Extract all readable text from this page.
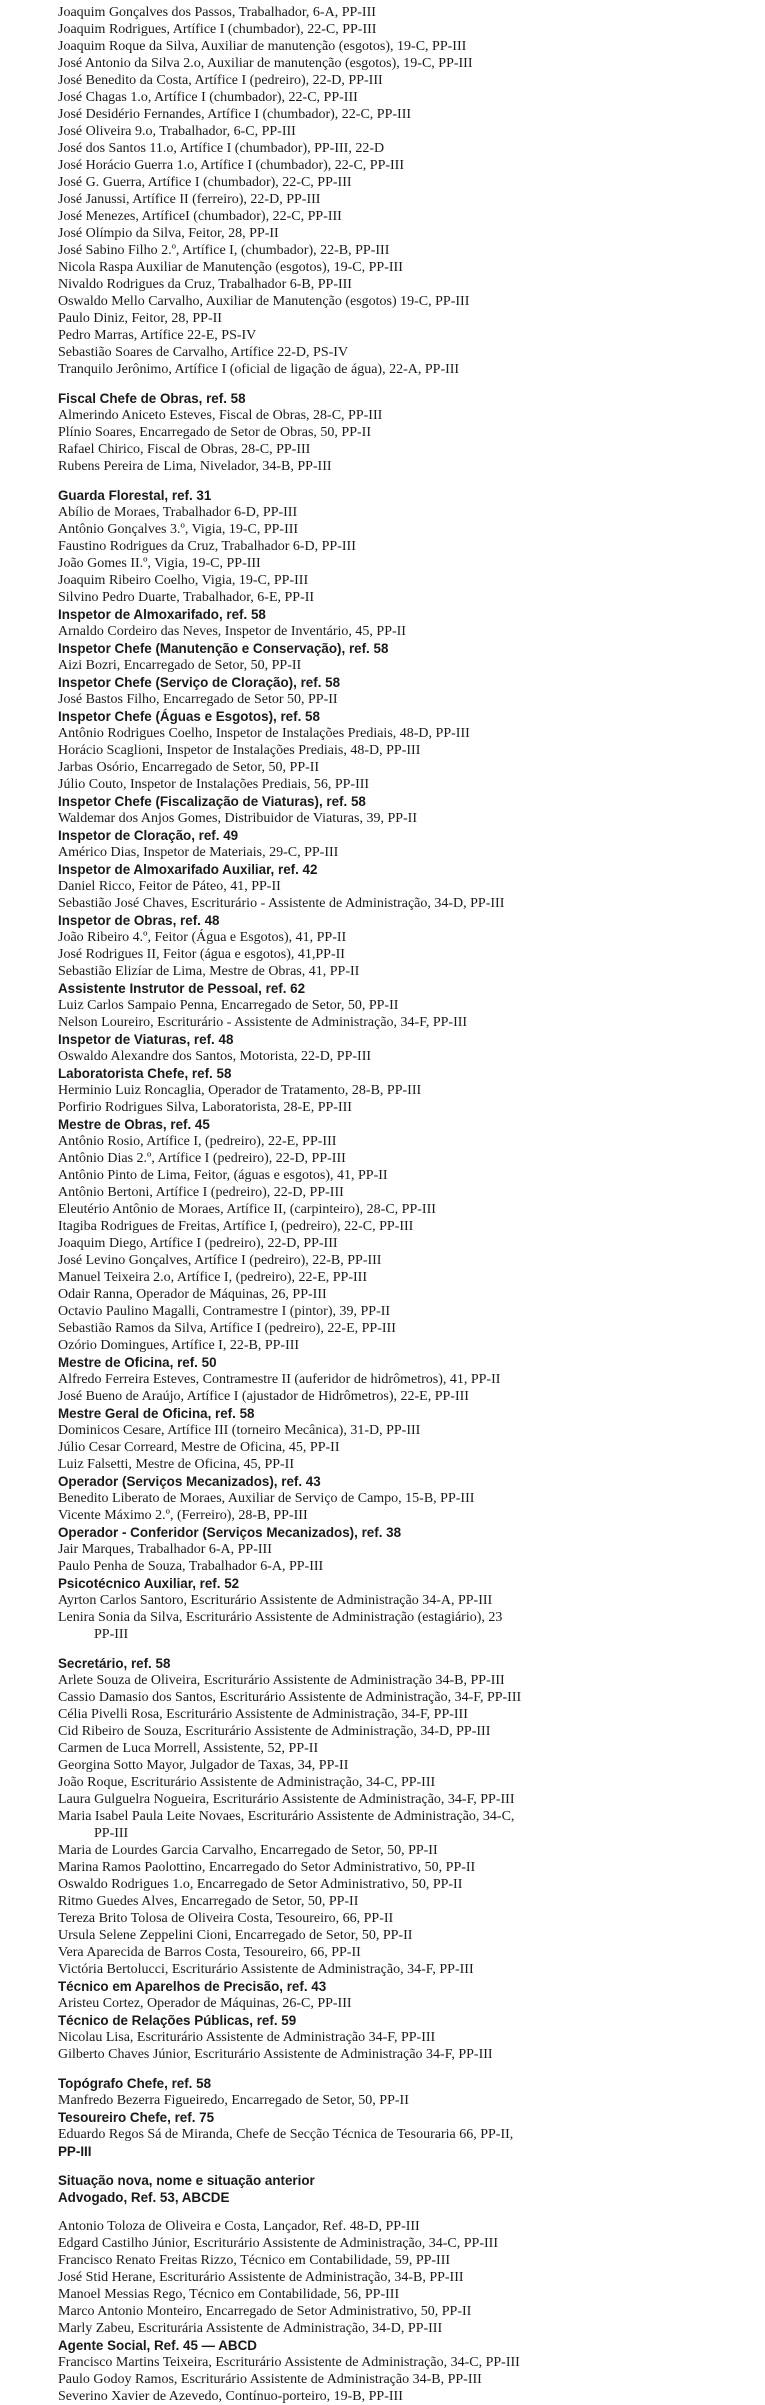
Joaquim Gonçalves dos Passos, Trabalhador, 6-A, PP-III
Joaquim Rodrigues, Artífice I (chumbador), 22-C, PP-III
Joaquim Roque da Silva, Auxiliar de manutenção (esgotos), 19-C, PP-III
José Antonio da Silva 2.o, Auxiliar de manutenção (esgotos), 19-C, PP-III
José Benedito da Costa, Artífice I (pedreiro), 22-D, PP-III
José Chagas 1.o, Artífice I (chumbador), 22-C, PP-III
José Desidério Fernandes, Artífice I (chumbador), 22-C, PP-III
José Oliveira 9.o, Trabalhador, 6-C, PP-III
José dos Santos 11.o, Artífice I (chumbador), PP-III, 22-D
José Horácio Guerra 1.o, Artífice I (chumbador), 22-C, PP-III
José G. Guerra, Artífice I (chumbador), 22-C, PP-III
José Janussi, Artífice II (ferreiro), 22-D, PP-III
José Menezes, ArtíficeI (chumbador), 22-C, PP-III
José Olímpio da Silva, Feitor, 28, PP-II
José Sabino Filho 2.º, Artífice I, (chumbador), 22-B, PP-III
Nicola Raspa Auxiliar de Manutenção (esgotos), 19-C, PP-III
Nivaldo Rodrigues da Cruz, Trabalhador 6-B, PP-III
Oswaldo Mello Carvalho, Auxiliar de Manutenção (esgotos) 19-C, PP-III
Paulo Diniz, Feitor, 28, PP-II
Pedro Marras, Artífice 22-E, PS-IV
Sebastião Soares de Carvalho, Artífice 22-D, PS-IV
Tranquilo Jerônimo, Artífice I (oficial de ligação de água), 22-A, PP-III
Fiscal Chefe de Obras, ref. 58
Almerindo Aniceto Esteves, Fiscal de Obras, 28-C, PP-III
Plínio Soares, Encarregado de Setor de Obras, 50, PP-II
Rafael Chirico, Fiscal de Obras, 28-C, PP-III
Rubens Pereira de Lima, Nivelador, 34-B, PP-III
Guarda Florestal, ref. 31
Abílio de Moraes, Trabalhador 6-D, PP-III
Antônio Gonçalves 3.º, Vigia, 19-C, PP-III
Faustino Rodrigues da Cruz, Trabalhador 6-D, PP-III
João Gomes II.º, Vigia, 19-C, PP-III
Joaquim Ribeiro Coelho, Vigia, 19-C, PP-III
Silvino Pedro Duarte, Trabalhador, 6-E, PP-II
Inspetor de Almoxarifado, ref. 58
Arnaldo Cordeiro das Neves, Inspetor de Inventário, 45, PP-II
Inspetor Chefe (Manutenção e Conservação), ref. 58
Aizi Bozri, Encarregado de Setor, 50, PP-II
Inspetor Chefe (Serviço de Cloração), ref. 58
José Bastos Filho, Encarregado de Setor 50, PP-II
Inspetor Chefe (Águas e Esgotos), ref. 58
Antônio Rodrigues Coelho, Inspetor de Instalações Prediais, 48-D, PP-III
Horácio Scaglioni, Inspetor de Instalações Prediais, 48-D, PP-III
Jarbas Osório, Encarregado de Setor, 50, PP-II
Júlio Couto, Inspetor de Instalações Prediais, 56, PP-III
Inspetor Chefe (Fiscalização de Viaturas), ref. 58
Waldemar dos Anjos Gomes, Distribuidor de Viaturas, 39, PP-II
Inspetor de Cloração, ref. 49
Américo Dias, Inspetor de Materiais, 29-C, PP-III
Inspetor de Almoxarifado Auxiliar, ref. 42
Daniel Ricco, Feitor de Páteo, 41, PP-II
Sebastião José Chaves, Escriturário - Assistente de Administração, 34-D, PP-III
Inspetor de Obras, ref. 48
João Ribeiro 4.º, Feitor (Água e Esgotos), 41, PP-II
José Rodrigues II, Feitor (água e esgotos), 41,PP-II
Sebastião Elizíar de Lima, Mestre de Obras, 41, PP-II
Assistente Instrutor de Pessoal, ref. 62
Luiz Carlos Sampaio Penna, Encarregado de Setor, 50, PP-II
Nelson Loureiro, Escriturário - Assistente de Administração, 34-F, PP-III
Inspetor de Viaturas, ref. 48
Oswaldo Alexandre dos Santos, Motorista, 22-D, PP-III
Laboratorista Chefe, ref. 58
Herminio Luiz Roncaglia, Operador de Tratamento, 28-B, PP-III
Porfirio Rodrigues Silva, Laboratorista, 28-E, PP-III
Mestre de Obras, ref. 45
Antônio Rosio, Artífice I, (pedreiro), 22-E, PP-III
Antônio Dias 2.º, Artífice I (pedreiro), 22-D, PP-III
Antônio Pinto de Lima, Feitor, (águas e esgotos), 41, PP-II
Antônio Bertoni, Artífice I (pedreiro), 22-D, PP-III
Eleutério Antônio de Moraes, Artífice II, (carpinteiro), 28-C, PP-III
Itagiba Rodrigues de Freitas, Artífice I, (pedreiro), 22-C, PP-III
Joaquim Diego, Artífice I (pedreiro), 22-D, PP-III
José Levino Gonçalves, Artífice I (pedreiro), 22-B, PP-III
Manuel Teixeira 2.o, Artífice I, (pedreiro), 22-E, PP-III
Odair Ranna, Operador de Máquinas, 26, PP-III
Octavio Paulino Magalli, Contramestre I (pintor), 39, PP-II
Sebastião Ramos da Silva, Artífice I (pedreiro), 22-E, PP-III
Ozório Domingues, Artífice I, 22-B, PP-III
Mestre de Oficina, ref. 50
Alfredo Ferreira Esteves, Contramestre II (auferidor de hidrômetros), 41, PP-II
José Bueno de Araújo, Artífice I (ajustador de Hidrômetros), 22-E, PP-III
Mestre Geral de Oficina, ref. 58
Dominicos Cesare, Artífice III (torneiro Mecânica), 31-D, PP-III
Júlio Cesar Correard, Mestre de Oficina, 45, PP-II
Luiz Falsetti, Mestre de Oficina, 45, PP-II
Operador (Serviços Mecanizados), ref. 43
Benedito Liberato de Moraes, Auxiliar de Serviço de Campo, 15-B, PP-III
Vicente Máximo 2.º, (Ferreiro), 28-B, PP-III
Operador - Conferidor (Serviços Mecanizados), ref. 38
Jair Marques, Trabalhador 6-A, PP-III
Paulo Penha de Souza, Trabalhador 6-A, PP-III
Psicotécnico Auxiliar, ref. 52
Ayrton Carlos Santoro, Escriturário Assistente de Administração 34-A, PP-III
Lenira Sonia da Silva, Escriturário Assistente de Administração (estagiário), 23
PP-III
Secretário, ref. 58
Arlete Souza de Oliveira, Escriturário Assistente de Administração 34-B, PP-III
Cassio Damasio dos Santos, Escriturário Assistente de Administração, 34-F, PP-III
Célia Pivelli Rosa, Escriturário Assistente de Administração, 34-F, PP-III
Cid Ribeiro de Souza, Escriturário Assistente de Administração, 34-D, PP-III
Carmen de Luca Morrell, Assistente, 52, PP-II
Georgina Sotto Mayor, Julgador de Taxas, 34, PP-II
João Roque, Escriturário Assistente de Administração, 34-C, PP-III
Laura Gulguelra Nogueira, Escriturário Assistente de Administração, 34-F, PP-III
Maria Isabel Paula Leite Novaes, Escriturário Assistente de Administração, 34-C,
PP-III
Maria de Lourdes Garcia Carvalho, Encarregado de Setor, 50, PP-II
Marina Ramos Paolottino, Encarregado do Setor Administrativo, 50, PP-II
Oswaldo Rodrigues 1.o, Encarregado de Setor Administrativo, 50, PP-II
Ritmo Guedes Alves, Encarregado de Setor, 50, PP-II
Tereza Brito Tolosa de Oliveira Costa, Tesoureiro, 66, PP-II
Ursula Selene Zeppelini Cioni, Encarregado de Setor, 50, PP-II
Vera Aparecida de Barros Costa, Tesoureiro, 66, PP-II
Victória Bertolucci, Escriturário Assistente de Administração, 34-F, PP-III
Técnico em Aparelhos de Precisão, ref. 43
Aristeu Cortez, Operador de Máquinas, 26-C, PP-III
Técnico de Relações Públicas, ref. 59
Nicolau Lisa, Escriturário Assistente de Administração 34-F, PP-III
Gilberto Chaves Júnior, Escriturário Assistente de Administração 34-F, PP-III
Topógrafo Chefe, ref. 58
Manfredo Bezerra Figueiredo, Encarregado de Setor, 50, PP-II
Tesoureiro Chefe, ref. 75
Eduardo Regos Sá de Miranda, Chefe de Secção Técnica de Tesouraria 66, PP-II,
PP-III
Situação nova, nome e situação anterior
Advogado, Ref. 53, ABCDE
Antonio Toloza de Oliveira e Costa, Lançador, Ref. 48-D, PP-III
Edgard Castilho Júnior, Escriturário Assistente de Administração, 34-C, PP-III
Francisco Renato Freitas Rizzo, Técnico em Contabilidade, 59, PP-III
José Stid Herane, Escriturário Assistente de Administração, 34-B, PP-III
Manoel Messias Rego, Técnico em Contabilidade, 56, PP-III
Marco Antonio Monteiro, Encarregado de Setor Administrativo, 50, PP-II
Marly Zabeu, Escriturária Assistente de Administração, 34-D, PP-III
Agente Social, Ref. 45 — ABCD
Francisco Martins Teixeira, Escriturário Assistente de Administração, 34-C, PP-III
Paulo Godoy Ramos, Escriturário Assistente de Administração 34-B, PP-III
Severino Xavier de Azevedo, Contínuo-porteiro, 19-B, PP-III
